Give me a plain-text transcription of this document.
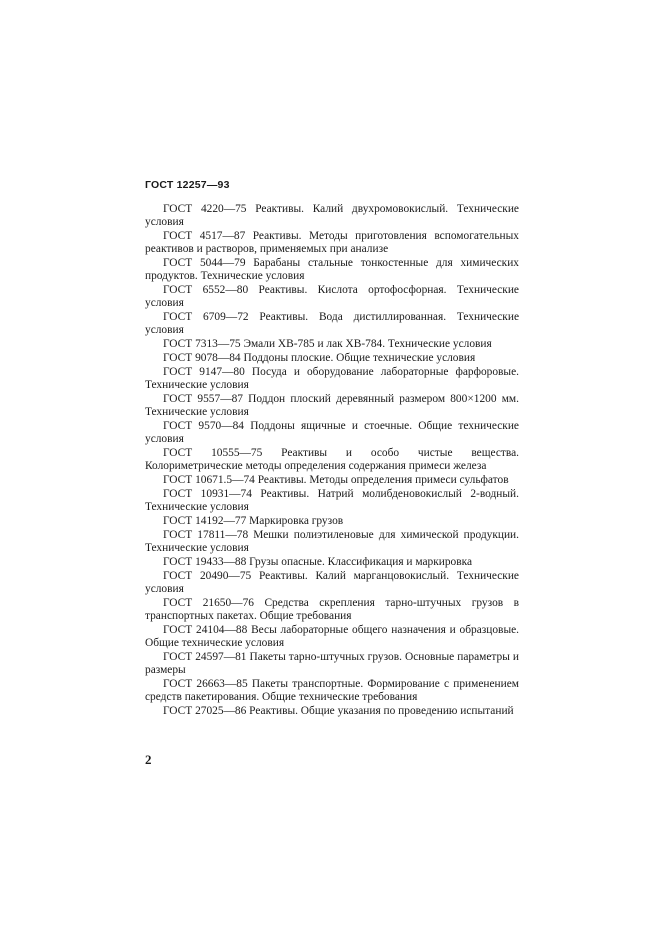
ГОСТ 12257—93

ГОСТ 4220—75 Реактивы. Калий двухромовокислый. Технические условия

ГОСТ 4517—87 Реактивы. Методы приготовления вспомогательных реактивов и растворов, применяемых при анализе

ГОСТ 5044—79 Барабаны стальные тонкостенные для химических продуктов. Технические условия

ГОСТ 6552—80 Реактивы. Кислота ортофосфорная. Технические условия

ГОСТ 6709—72 Реактивы. Вода дистиллированная. Технические условия

ГОСТ 7313—75 Эмали ХВ-785 и лак ХВ-784. Технические условия

ГОСТ 9078—84 Поддоны плоские. Общие технические условия

ГОСТ 9147—80 Посуда и оборудование лабораторные фарфоровые. Технические условия

ГОСТ 9557—87 Поддон плоский деревянный размером 800×1200 мм. Технические условия

ГОСТ 9570—84 Поддоны ящичные и стоечные. Общие технические условия

ГОСТ 10555—75 Реактивы и особо чистые вещества. Колориметрические методы определения содержания примеси железа

ГОСТ 10671.5—74 Реактивы. Методы определения примеси сульфатов

ГОСТ 10931—74 Реактивы. Натрий молибденовокислый 2-водный. Технические условия

ГОСТ 14192—77 Маркировка грузов

ГОСТ 17811—78 Мешки полиэтиленовые для химической продукции. Технические условия

ГОСТ 19433—88 Грузы опасные. Классификация и маркировка

ГОСТ 20490—75 Реактивы. Калий марганцовокислый. Технические условия

ГОСТ 21650—76 Средства скрепления тарно-штучных грузов в транспортных пакетах. Общие требования

ГОСТ 24104—88 Весы лабораторные общего назначения и образцовые. Общие технические условия

ГОСТ 24597—81 Пакеты тарно-штучных грузов. Основные параметры и размеры

ГОСТ 26663—85 Пакеты транспортные. Формирование с применением средств пакетирования. Общие технические требования

ГОСТ 27025—86 Реактивы. Общие указания по проведению испытаний

2
